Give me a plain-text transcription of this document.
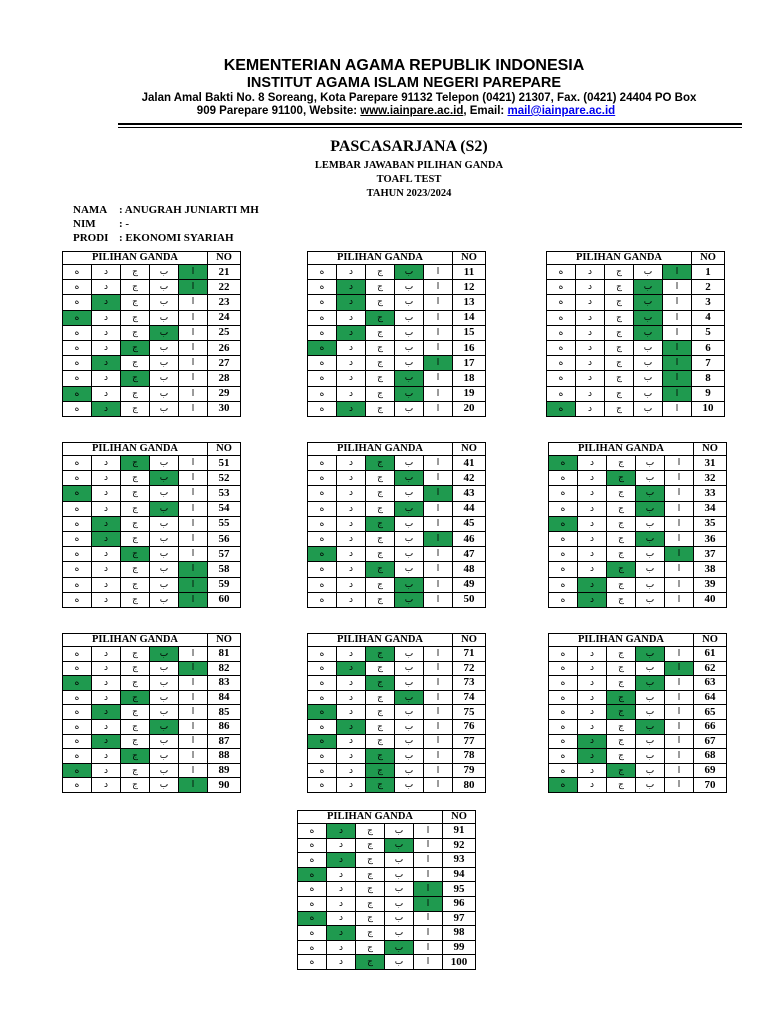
KEMENTERIAN AGAMA REPUBLIK INDONESIA
INSTITUT AGAMA ISLAM NEGERI PAREPARE
Jalan Amal Bakti No. 8 Soreang, Kota Parepare 91132 Telepon (0421) 21307, Fax. (0421) 24404 PO Box
909 Parepare 91100, Website: www.iainpare.ac.id, Email: mail@iainpare.ac.id
PASCASARJANA (S2)
LEMBAR JAWABAN PILIHAN GANDA
TOAFL TEST
TAHUN 2023/2024
NAMA : ANUGRAH JUNIARTI MH
NIM : -
PRODI : EKONOMI SYARIAH
PILIHAN GANDA					NO
ه	د	ج	ب	ا	21
ه	د	ج	ب	ا	22
ه	د	ج	ب	ا	23
ه	د	ج	ب	ا	24
ه	د	ج	ب	ا	25
ه	د	ج	ب	ا	26
ه	د	ج	ب	ا	27
ه	د	ج	ب	ا	28
ه	د	ج	ب	ا	29
ه	د	ج	ب	ا	30
PILIHAN GANDA					NO
ه	د	ج	ب	ا	11
ه	د	ج	ب	ا	12
ه	د	ج	ب	ا	13
ه	د	ج	ب	ا	14
ه	د	ج	ب	ا	15
ه	د	ج	ب	ا	16
ه	د	ج	ب	ا	17
ه	د	ج	ب	ا	18
ه	د	ج	ب	ا	19
ه	د	ج	ب	ا	20
PILIHAN GANDA					NO
ه	د	ج	ب	ا	1
ه	د	ج	ب	ا	2
ه	د	ج	ب	ا	3
ه	د	ج	ب	ا	4
ه	د	ج	ب	ا	5
ه	د	ج	ب	ا	6
ه	د	ج	ب	ا	7
ه	د	ج	ب	ا	8
ه	د	ج	ب	ا	9
ه	د	ج	ب	ا	10
PILIHAN GANDA					NO
ه	د	ج	ب	ا	51
ه	د	ج	ب	ا	52
ه	د	ج	ب	ا	53
ه	د	ج	ب	ا	54
ه	د	ج	ب	ا	55
ه	د	ج	ب	ا	56
ه	د	ج	ب	ا	57
ه	د	ج	ب	ا	58
ه	د	ج	ب	ا	59
ه	د	ج	ب	ا	60
PILIHAN GANDA					NO
ه	د	ج	ب	ا	41
ه	د	ج	ب	ا	42
ه	د	ج	ب	ا	43
ه	د	ج	ب	ا	44
ه	د	ج	ب	ا	45
ه	د	ج	ب	ا	46
ه	د	ج	ب	ا	47
ه	د	ج	ب	ا	48
ه	د	ج	ب	ا	49
ه	د	ج	ب	ا	50
PILIHAN GANDA					NO
ه	د	ج	ب	ا	31
ه	د	ج	ب	ا	32
ه	د	ج	ب	ا	33
ه	د	ج	ب	ا	34
ه	د	ج	ب	ا	35
ه	د	ج	ب	ا	36
ه	د	ج	ب	ا	37
ه	د	ج	ب	ا	38
ه	د	ج	ب	ا	39
ه	د	ج	ب	ا	40
PILIHAN GANDA					NO
ه	د	ج	ب	ا	81
ه	د	ج	ب	ا	82
ه	د	ج	ب	ا	83
ه	د	ج	ب	ا	84
ه	د	ج	ب	ا	85
ه	د	ج	ب	ا	86
ه	د	ج	ب	ا	87
ه	د	ج	ب	ا	88
ه	د	ج	ب	ا	89
ه	د	ج	ب	ا	90
PILIHAN GANDA					NO
ه	د	ج	ب	ا	71
ه	د	ج	ب	ا	72
ه	د	ج	ب	ا	73
ه	د	ج	ب	ا	74
ه	د	ج	ب	ا	75
ه	د	ج	ب	ا	76
ه	د	ج	ب	ا	77
ه	د	ج	ب	ا	78
ه	د	ج	ب	ا	79
ه	د	ج	ب	ا	80
PILIHAN GANDA					NO
ه	د	ج	ب	ا	61
ه	د	ج	ب	ا	62
ه	د	ج	ب	ا	63
ه	د	ج	ب	ا	64
ه	د	ج	ب	ا	65
ه	د	ج	ب	ا	66
ه	د	ج	ب	ا	67
ه	د	ج	ب	ا	68
ه	د	ج	ب	ا	69
ه	د	ج	ب	ا	70
PILIHAN GANDA					NO
ه	د	ج	ب	ا	91
ه	د	ج	ب	ا	92
ه	د	ج	ب	ا	93
ه	د	ج	ب	ا	94
ه	د	ج	ب	ا	95
ه	د	ج	ب	ا	96
ه	د	ج	ب	ا	97
ه	د	ج	ب	ا	98
ه	د	ج	ب	ا	99
ه	د	ج	ب	ا	100
